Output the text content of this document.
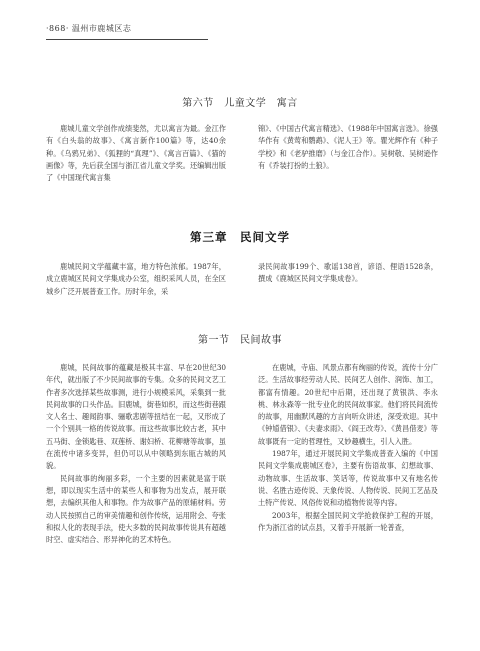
·868· 温州市鹿城区志
第六节　儿童文学　寓言

鹿城儿童文学创作成绩斐然，尤以寓言为最。金江作有《白头翁的故事》、《寓言新作100篇》等，达40余种。《乌鸦兄弟》、《狐狸的“真理”》、《寓言百篇》、《猫的画像》等，先后获全国与浙江省儿童文学奖。还编辑出版了《中国现代寓言集

锦》、《中国古代寓言精选》、《1988年中国寓言选》。徐强华作有《黄莺和鹦鹉》、《泥人王》等。瞿光辉作有《种子学校》和《老驴推磨》（与金江合作）。吴树敬、吴树逊作有《乔装打扮的土狼》。

第三章　民间文学

鹿城民间文学蕴藏丰富，地方特色浓郁。1987年，成立鹿城区民间文学集成办公室，组织采风人员，在全区城乡广泛开展普查工作。历时年余，采

录民间故事199个、歌谣138首，谚语、俚语1528条，撰成《鹿城区民间文学集成卷》。

第一节　民间故事

鹿城，民间故事的蕴藏是极其丰富、早在20世纪30年代，就出版了不少民间故事的专集。众多的民间文艺工作者多次选择某些故事测，进行小规模采风，采集到一批民间故事的口头作品。旧鹿城，街巷如织，而这些街巷跟文人名士、趣闻韵事、骊歌悲剧等扭结在一起，又形成了一个个别具一格的传说故事。而这些故事比较古老，其中五马街、金锁匙巷、双莲桥、谢妇桥、花柳塘等故事，虽在流传中诸多变异，但仍可以从中领略到东瓯古城的风貌。

民间故事的绚丽多彩，一个主要的因素就是富于联想，即以现实生活中的某些人和事物为出发点，展开联想，去编织其他人和事物。作为故事产品的原辅材料。劳动人民按照自己的审美情趣和创作传统，运用附会、夸张和拟人化的表现手法，使大多数的民间故事传说具有超越时空、虚实结合、形异神化的艺术特色。

在鹿城，寺庙、风景点都有绚丽的传说，流传十分广泛。生活故事经劳动人民、民间艺人创作、润饰、加工，都富有情趣。20世纪中后期，还出现了黄银洪、李永桃、林永森等一批专业化的民间故事家。他们将民间流传的故事，用幽默风趣的方言向听众讲述，深受欢迎。其中《钟馗借银》、《夫妻求雨》、《阎王改寿》、《黄昌借麦》等故事既有一定的哲理性，又妙趣横生，引人入胜。

1987年，通过开展民间文学集成普查入编的《中国民间文学集成鹿城区卷》，主要有伤语故事、幻想故事、动物故事、生活故事、笑话等，传说故事中又有地名传说、名胜古迹传说、天象传说、人物传说、民间工艺品及土特产传说、风俗传说和动植物传说等内容。

2003年，根据全国民间文学抢救保护工程的开展，作为浙江省的试点县，又着手开展新一轮普查，
